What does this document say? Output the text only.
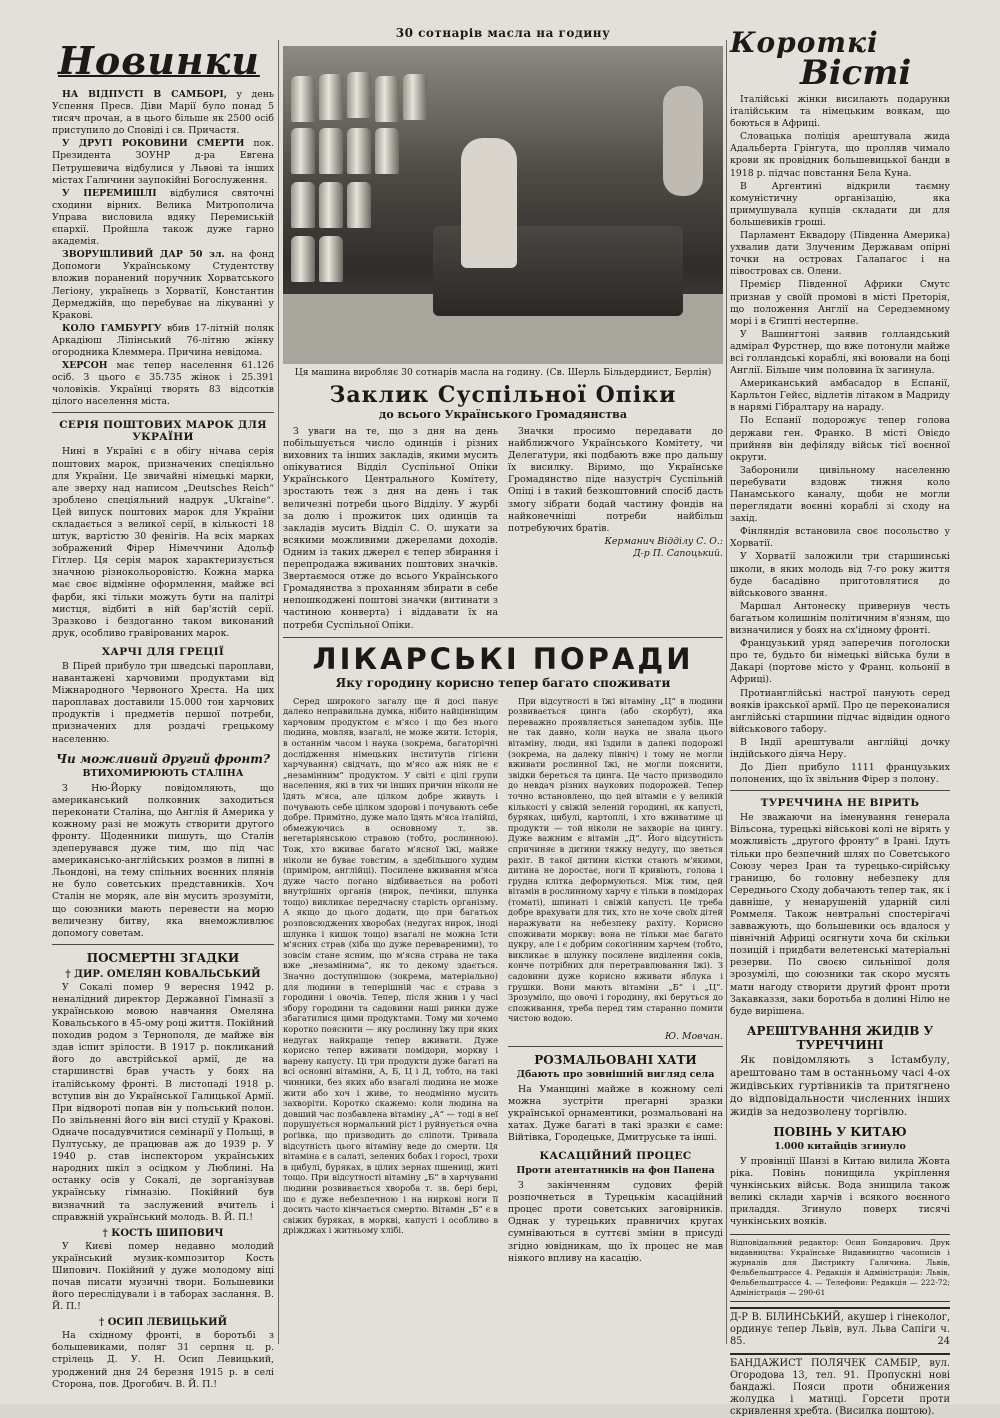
Новинки

НА ВІДПУСТІ В САМБОРІ, у день Успення Пресв. Діви Марії було понад 5 тисяч прочан, а в цього більше як 2500 осіб приступило до Сповіді і св. Причастя.

У ДРУГІ РОКОВИНИ СМЕРТИ пок. Президента ЗОУНР д-ра Евгена Петрушевича відбулися у Львові та інших містах Галичини заупокійні Богослуження.

У ПЕРЕМИШЛІ відбулися святочні сходини вірних. Велика Митрополича Управа висловила вдяку Перемиській єпархії. Пройшла також дуже гарно академія.

ЗВОРУШЛИВИЙ ДАР 50 зл. на фонд Допомоги Українському Студентству вложив поранений поручник Хорватського Легіону, українець з Хорватії, Константин Дермеджійв, що перебуває на лікуванні у Кракові.

КОЛО ГАМБУРГУ вбив 17-літній поляк Аркадіюш Ліпінський 76-літню жінку огородника Клеммера. Причина невідома.

ХЕРСОН має тепер населення 61.126 осіб. З цього є 35.735 жінок і 25.391 чоловіків. Українці творять 83 відсотків цілого населення міста.

СЕРІЯ ПОШТОВИХ МАРОК ДЛЯ УКРАЇНИ

Нині в Україні є в обігу нічава серія поштових марок, призначених спеціяльно для України. Це звичайні німецькі марки, але зверху над написом „Deutsches Reich“ зроблено спеціяльний надрук „Ukraine“. Цей випуск поштових марок для України складається з великої серії, в кількості 18 штук, вартістю 30 фенігів. На всіх марках зображений Фірер Німеччини Адольф Гітлер. Ця серія марок характеризується значною різнокольоровістю. Кожна марка має своє відмінне оформлення, майже всі фарби, які тільки можуть бути на палітрі мистця, відбиті в ній бар'ястій серії. Зразково і бездоганно таком виконаний друк, особливо гравірованих марок.

ХАРЧІ ДЛЯ ГРЕЦІЇ

В Пірей прибуло три шведські пароплави, навантажені харчовими продуктами від Міжнародного Червоного Хреста. На цих пароплавах доставили 15.000 тон харчових продуктів і предметів першої потреби, призначених для роздачі грецькому населенню.

Чи можливий другий фронт?
ВТИХОМИРЮЮТЬ СТАЛІНА

З Ню-Йорку повідомляють, що американський полковник заходиться переконати Сталіна, що Англія й Америка у кожному разі не можуть створити другого фронту. Щоденники пишуть, що Сталін здеперувався дуже тим, що під час американсько-англійських розмов в липні в Льондоні, на тему спільних воєнних плянів не було советських представників. Хоч Сталін не моряк, але він мусить зрозуміти, що союзники мають перевести на морю величезну битву, яка внеможливлює допомогу советам.

ПОСМЕРТНІ ЗГАДКИ
† ДИР. ОМЕЛЯН КОВАЛЬСЬКИЙ

У Сокалі помер 9 вересня 1942 р. неналідний директор Державної Гімназії з українською мовою навчання Омеляна Ковальського в 45-ому році життя. Покійний походив родом з Тернополя, де майже він здав іспит зрілости. В 1917 р. покликаний його до австрійської армії, де на старшинстві брав участь у боях на італійському фронті. В листопаді 1918 р. вступив він до Української Галицької Армії. При відвороті попав він у польський полон. По звільненні його він висі студії у Кракові. Одначе посадувчитися семінарії у Польщі, в Пултуську, де працював аж до 1939 р. У 1940 р. став інспектором українських народних шкіл з осідком у Люблині. На останку осів у Сокалі, де зорганізував українську гімназію. Покійний був визначний та заслужений вчитель і справжній український молодь. В. Й. П.!

† КОСТЬ ШИПОВИЧ

У Києві помер недавно молодий український музик-композитор Кость Шипович. Покійний у дуже молодому віці почав писати музичні твори. Большевики його переслідували і в таборах заслання. В. Й. П.!

† ОСИП ЛЕВИЦЬКИЙ

На східному фронті, в боротьбі з большевиками, поляг 31 серпня ц. р. стрілець Д. У. Н. Осип Левицький, уроджений дня 24 березня 1915 р. в селі Сторона, пов. Дрогобич. В. Й. П.!

30 сотнарів масла на годину
Ця машина виробляє 30 сотнарів масла на годину. (Св. Шерль Більдердинст, Берлін)
Заклик Суспільної Опіки
до всього Українського Громадянства

З уваги на те, що з дня на день побільшується число одинців і різних виховних та інших закладів, якими мусить опікуватися Відділ Суспільної Опіки Українського Центрального Комітету, зростають теж з дня на день і так величезні потреби цього Відділу. У журбі за долю і прожиток цих одинців та закладів мусить Відділ С. О. шукати за всякими можливими джерелами доходів. Одним із таких джерел є тепер збирання і перепродажа вживаних поштових значків. Звертаємося отже до всього Українського Громадянства з проханням збирати в себе непошкоджені поштові значки (витинати з частиною конверта) і віддавати їх на потреби Суспільної Опіки.

Значки просимо передавати до найближчого Українського Комітету, чи Делегатури, які подбають вже про дальшу їх висилку. Віримо, що Українське Громадянство піде назустріч Суспільній Опіці і в такий безкоштовний спосіб дасть змогу зібрати бодай частину фондів на найконечніші потреби найбільш потребуючих братів.

Керманич Відділу С. О.:
Д-р П. Сапоцький.
ЛІКАРСЬКІ ПОРАДИ
Яку городину корисно тепер багато споживати

Серед широкого загалу ще й досі панує далеко неправильна думка, нібито найцінніщим харчовим продуктом є м'ясо і що без нього людина, мовляв, взагалі, не може жити. Історія, в останнім часом і наука (зокрема, багаторічні дослідження німецьких інститутів гігієни харчування) свідчать, що м'ясо аж ніяк не є „незамінним“ продуктом. У світі є цілі групи населення, які в тих чи інших причин ніколи не їдять м'яса, але цілком добре живуть і почувають себе цілком здорові і почувають себе добре. Примітно, дуже мало їдять м'яса італійці, обмежуючись в основному т. зв. вегетаріянською стравою (тобто, рослинною). Тож, хто вживає багато м'ясної їжі, майже ніколи не буває товстим, а здебільшого худим (приміром, англійці). Посилене вживання м'яса дуже часто погано відбивається на роботі внутрішніх органів (нирок, печінки, шлунка тощо) викликає передчасну старість організму. А якщо до цього додати, що при багатьох розповсюджених хворобах (недугах нирок, іноді шлунка і кишок тощо) взагалі не можна їсти м'ясних страв (хіба що дуже перевареними), то зовсім стане ясним, що м'ясна страва не така вже „незамінима“, як то декому здається. Значно доступнішою (зокрема, матеріально) для людини в теперішній час є страва з городини і овочів. Тепер, після жнив і у часі збору городини та садовини наші ринки дуже збагатилися цими продуктами. Тому ми хочемо коротко пояснити — яку рослинну їжу при яких недугах найкраще тепер вживати. Дуже корисно тепер вживати помідори, моркву і варену капусту. Ці три продукти дуже багаті на всі основні вітаміни, А, Б, Ц і Д, тобто, на такі чинники, без яких або взагалі людина не може жити або хоч і живе, то неодмінно мусить захворіти. Коротко скажемо: коли людина на довший час позбавлена вітаміну „А“ — тоді в неї порушується нормальний ріст і руйнується очна рогівка, що призводить до сліпоти. Тривала відсутність цього вітаміну веде до смерти. Ця вітаміна є в салаті, зелених бобах і горосі, трохи в цибулі, буряках, в цілих зернах пшениці, житі тощо. При відсутності вітаміну „Б“ в харчуванні людини розвивається хвороба т. зв. бері бері, що є дуже небезпечною і на ниркові ноги її досить часто кінчається смертю. Вітамін „Б“ є в свіжих буряках, в моркві, капусті і особливо в дріжджах і житньому хлібі.

При відсутності в їжі вітаміну „Ц“ в людини розвивається цинга (або скорбут), яка переважно проявляється занепадом зубів. Ще не так давно, коли наука не знала цього вітаміну, люди, які їздили в далекі подорожі (зокрема, на далеку північ) і тому не могли вживати рослинної їжі, не могли пояснити, звідки береться та цинга. Це часто призводило до невдач різних наукових подорожей. Тепер точно встановлено, що цей вітамін є у великій кількості у свіжій зеленій городині, як капусті, буряках, цибулі, картоплі, і хто вживатиме ці продукти — той ніколи не захворіє на цингу. Дуже важним є вітамін „Д“. Його відсутність спричиняє в дитини тяжку недугу, що зветься рахіт. В такої дитини кістки стають м'якими, дитина не доростає, ноги її кривіють, голова і грудна клітка деформуються. Між тим, цей вітамін в рослинному харчу є тільки в помідорах (томаті), шпинаті і свіжій капусті. Це треба добре врахувати для тих, хто не хоче своїх дітей наражувати на небезпеку рахіту. Корисно споживати моркву: вона не тільки має багато цукру, але і є добрим сокогінним харчем (тобто, викликає в шлунку посилене виділення соків, конче потрібних для перетравлювання їжі). З садовини дуже корисно вживати яблука і грушки. Вони мають вітаміни „Б“ і „Ц“. Зрозуміло, що овочі і городину, які беруться до споживання, треба перед тим старанно помити чистою водою.

Ю. Мовчан.
РОЗМАЛЬОВАНІ ХАТИ
Дбають про зовнішній вигляд села

На Уманщині майже в кожному селі можна зустріти прегарні зразки української орнаментики, розмальовані на хатах. Дуже багаті в такі зразки є саме: Війтівка, Городецьке, Дмитруське та інші.

КАСАЦІЙНИЙ ПРОЦЕС
Проти атентатників на фон Папена

З закінченням судових ферій розпочнеться в Турецькім касаційний процес проти советських заговірників. Однак у турецьких правничих кругах сумніваються в суттєві зміни в присуді згідно ювідникам, що їх процес не мав ніякого впливу на касацію.

Короткі
Вісті

Італійські жінки висилають подарунки італійським та німецьким воякам, що боються в Африці.

Словацька поліція арештувала жида Адальберта Грінгута, що пролляв чимало крови як провідник большевицької банди в 1918 р. підчас повстання Бела Куна.

В Аргентині відкрили таємну комуністичну організацію, яка примушувала купців складати ди для большевиків гроші.

Парламент Еквадору (Південна Америка) ухвалив дати Злученим Державам опірні точки на островах Галапагос і на півостровах св. Олени.

Премієр Південної Африки Смутс признав у своїй промові в місті Преторія, що положення Англії на Середземному морі і в Єгипті нестерпне.

У Вашингтоні заявив голландський адмірал Фурстнер, що вже потонули майже всі голландські кораблі, які воювали на боці Англії. Більше чим половина їх загинула.

Американський амбасадор в Еспанії, Карльтон Гейєс, відлетів літаком в Мадриду в нарямі Гібралтару на нараду.

По Еспанії подорожує тепер голова держави ген. Франко. В місті Овієдо прийняв він дефіляду військ тієї воєнної округи.

Заборонили цивільному населенню перебувати вздовж тижня коло Панамського каналу, щоби не могли переглядати воєнні кораблі зі сходу на захід.

Фінляндія встановила своє посольство у Хорватії.

У Хорватії заложили три старшинські школи, в яких молодь від 7-го року життя буде басадівно приготовлятися до військового звання.

Маршал Антонеску привернув честь багатьом колишнім політичним в'язням, що визначилися у боях на сх'ідному фронті.

Французький уряд заперечив поголоски про те, будьто би німецькі війська були в Дакарі (портове місто у Франц. кольонії в Африці).

Протианглійські настрої панують серед вояків іракської армії. Про це переконалися англійські старшини підчас відвідин одного військового табору.

В Індії арештували англійці дочку індійського діяча Неру.

До Діеп прибуло 1111 французьких полонених, що їх звільнив Фірер з полону.

ТУРЕЧЧИНА НЕ ВІРИТЬ

Не зважаючи на іменування генерала Вільсона, турецькі військові колі не вірять у можливість „другого фронту“ в Ірані. Ідуть тільки про безпечний шлях по Советського Союзу через Іран та турецько-сирійську границю, бо головну небезпеку для Середнього Сходу добачають тепер так, як і давніше, у ненарушеній ударній силі Роммеля. Також невтральні спостерігачі завважують, що большевики ось вдалося у північній Африці осягнути хоча би скільки позицій і придбати велетенські матеріальні резерви. По своєю сильнішої доля зрозумілі, що союзники так скоро мусять мати нагоду створити другий фронт проти Закавказзя, заки боротьба в долині Нілю не буде вирішена.

АРЕШТУВАННЯ ЖИДІВ У ТУРЕЧЧИНІ

Як повідомляють з Істамбулу, арештовано там в останньому часі 4-ох жидівських гуртівників та притягнено до відповідальности численних інших жидів за недозволену торгівлю.

ПОВІНЬ У КИТАЮ
1.000 китайців згинуло

У провінції Шанзі в Китаю вилила Жовта ріка. Повінь понищила укріплення чункінських військ. Вода знищила також великі склади харчів і всякого воєнного приладдя. Згинуло поверх тисячі чункінських вояків.

Відповідальний редактор: Осип Бондарович. Друк видавництва: Українське Видавництво часописів і журналів для Дистрикту Галичина. Львів, Фельбельштрассе 4. Редакція й Адміністрація: Львів, Фельбельштрассе 4. — Телефони: Редакція — 222-72; Адміністрація — 290-61
Д-Р В. БІЛИНСЬКИЙ, акушер і гінеколог, ординує тепер Львів, вул. Льва Сапіги ч. 85.	24
БАНДАЖИСТ ПОЛЯЧЕК САМБІР, вул. Огородова 13, тел. 91. Пропускні нові бандажі. Пояси проти обнижения жолудка і матиці. Горсети проти скривлення хребта. (Висилка поштою).
